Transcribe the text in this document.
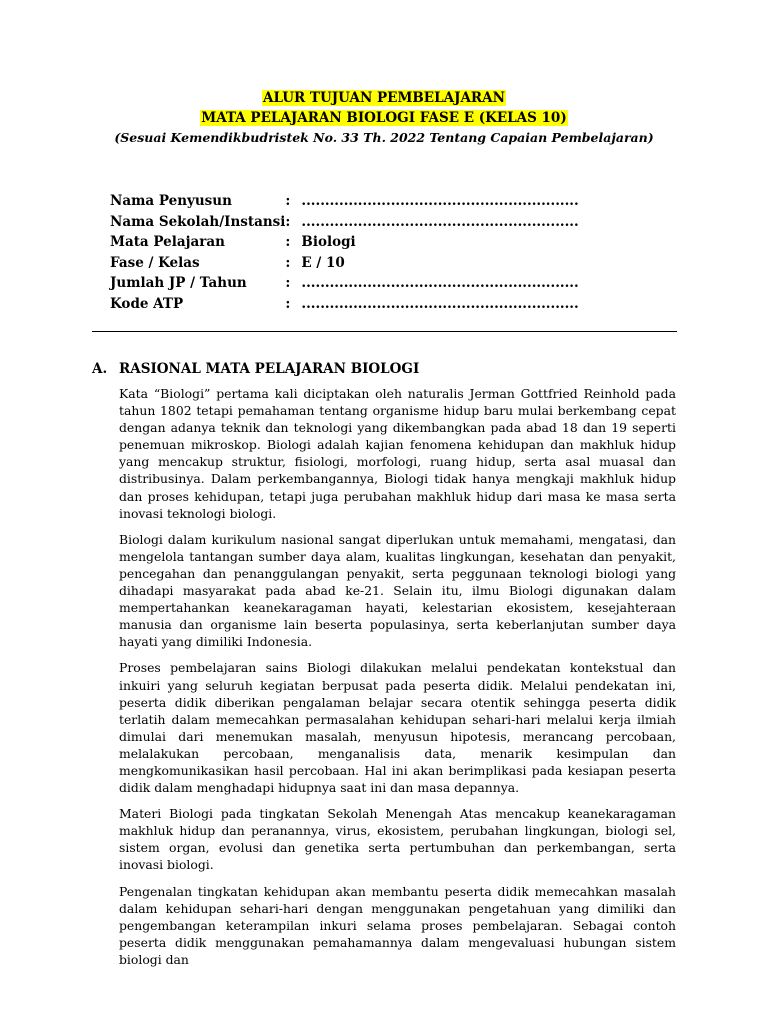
ALUR TUJUAN PEMBELAJARAN
MATA PELAJARAN BIOLOGI FASE E (KELAS 10)
(Sesuai Kemendikbudristek No. 33 Th. 2022 Tentang Capaian Pembelajaran)
Nama Penyusun	:	...........................................................
Nama Sekolah/Instansi	:	...........................................................
Mata Pelajaran	:	Biologi
Fase / Kelas	:	E / 10
Jumlah JP / Tahun	:	...........................................................
Kode ATP	:	...........................................................
A. RASIONAL MATA PELAJARAN BIOLOGI

Kata “Biologi” pertama kali diciptakan oleh naturalis Jerman Gottfried Reinhold pada tahun 1802 tetapi pemahaman tentang organisme hidup baru mulai berkembang cepat dengan adanya teknik dan teknologi yang dikembangkan pada abad 18 dan 19 seperti penemuan mikroskop. Biologi adalah kajian fenomena kehidupan dan makhluk hidup yang mencakup struktur, fisiologi, morfologi, ruang hidup, serta asal muasal dan distribusinya. Dalam perkembangannya, Biologi tidak hanya mengkaji makhluk hidup dan proses kehidupan, tetapi juga perubahan makhluk hidup dari masa ke masa serta inovasi teknologi biologi.

Biologi dalam kurikulum nasional sangat diperlukan untuk memahami, mengatasi, dan mengelola tantangan sumber daya alam, kualitas lingkungan, kesehatan dan penyakit, pencegahan dan penanggulangan penyakit, serta peggunaan teknologi biologi yang dihadapi masyarakat pada abad ke-21. Selain itu, ilmu Biologi digunakan dalam mempertahankan keanekaragaman hayati, kelestarian ekosistem, kesejahteraan manusia dan organisme lain beserta populasinya, serta keberlanjutan sumber daya hayati yang dimiliki Indonesia.

Proses pembelajaran sains Biologi dilakukan melalui pendekatan kontekstual dan inkuiri yang seluruh kegiatan berpusat pada peserta didik. Melalui pendekatan ini, peserta didik diberikan pengalaman belajar secara otentik sehingga peserta didik terlatih dalam memecahkan permasalahan kehidupan sehari-hari melalui kerja ilmiah dimulai dari menemukan masalah, menyusun hipotesis, merancang percobaan, melalakukan percobaan, menganalisis data, menarik kesimpulan dan mengkomunikasikan hasil percobaan. Hal ini akan berimplikasi pada kesiapan peserta didik dalam menghadapi hidupnya saat ini dan masa depannya.

Materi Biologi pada tingkatan Sekolah Menengah Atas mencakup keanekaragaman makhluk hidup dan peranannya, virus, ekosistem, perubahan lingkungan, biologi sel, sistem organ, evolusi dan genetika serta pertumbuhan dan perkembangan, serta inovasi biologi.

Pengenalan tingkatan kehidupan akan membantu peserta didik memecahkan masalah dalam kehidupan sehari-hari dengan menggunakan pengetahuan yang dimiliki dan pengembangan keterampilan inkuri selama proses pembelajaran. Sebagai contoh peserta didik menggunakan pemahamannya dalam mengevaluasi hubungan sistem biologi dan
